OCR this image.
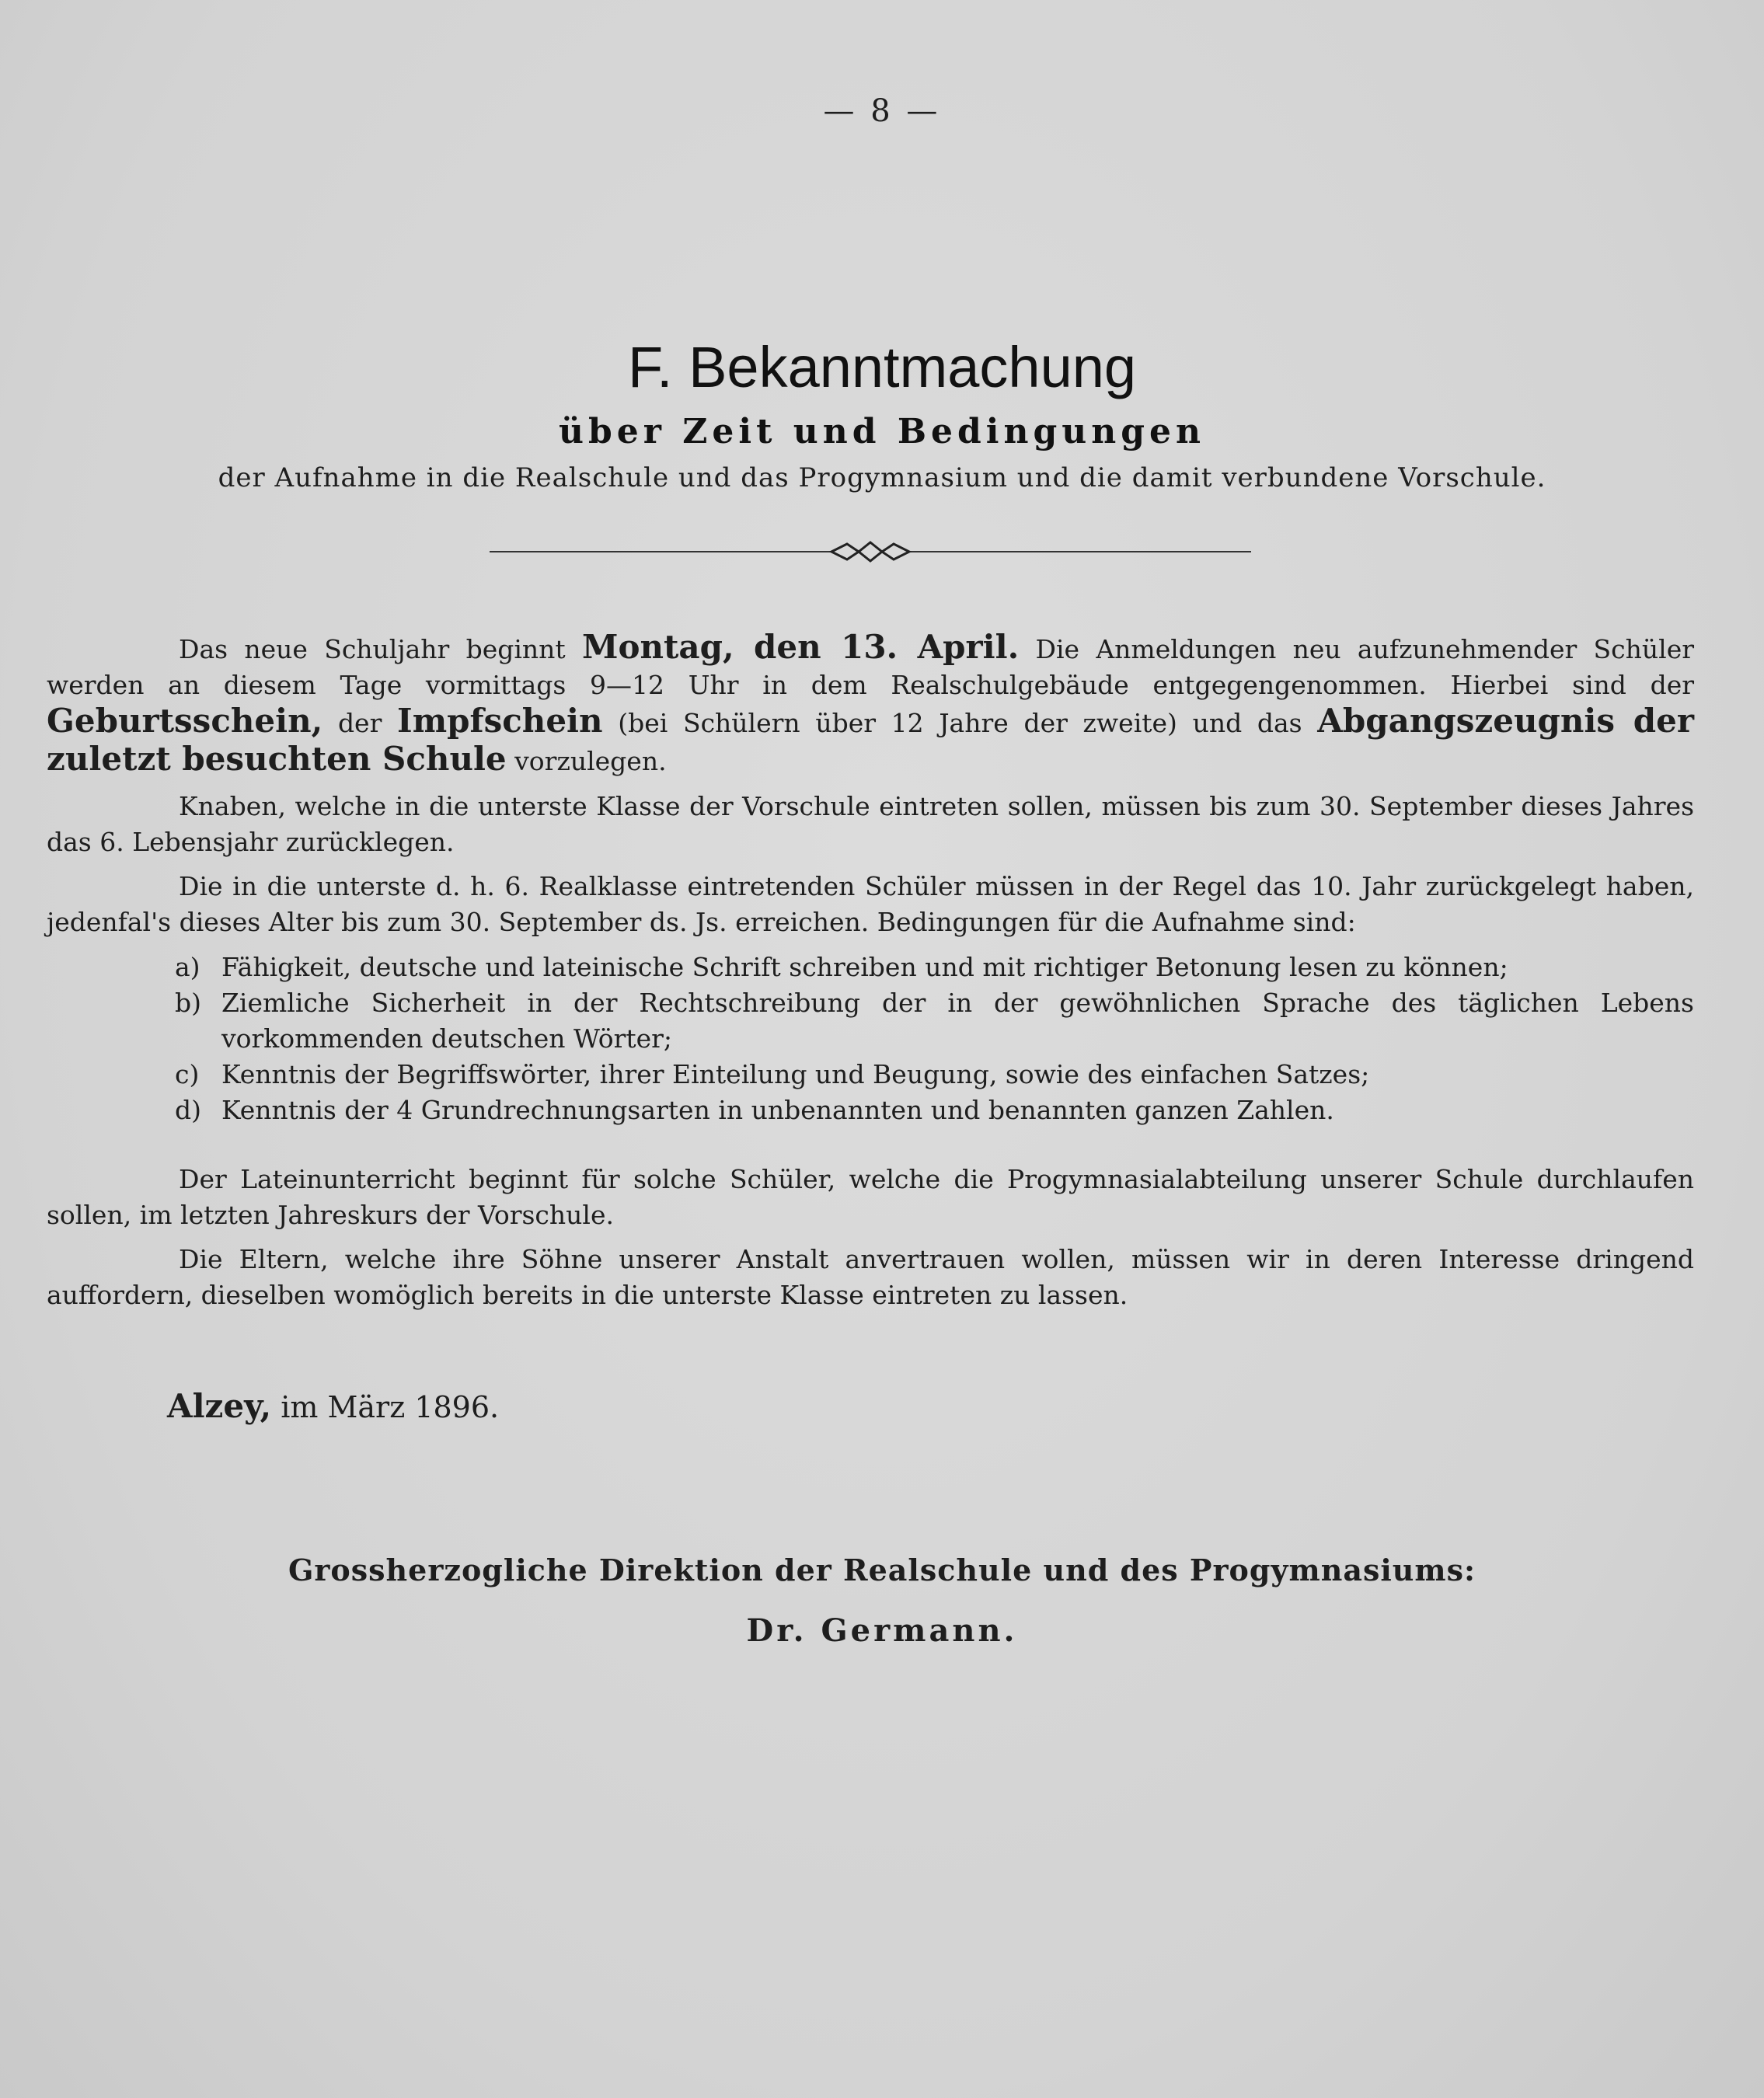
— 8 —
F. Bekanntmachung
über Zeit und Bedingungen
der Aufnahme in die Realschule und das Progymnasium und die damit verbundene Vorschule.
Das neue Schuljahr beginnt Montag, den 13. April. Die Anmeldungen neu aufzunehmender Schüler werden an diesem Tage vormittags 9—12 Uhr in dem Realschulgebäude entgegengenommen. Hierbei sind der Geburtsschein, der Impfschein (bei Schülern über 12 Jahre der zweite) und das Abgangszeugnis der zuletzt besuchten Schule vorzulegen.
Knaben, welche in die unterste Klasse der Vorschule eintreten sollen, müssen bis zum 30. September dieses Jahres das 6. Lebensjahr zurücklegen.
Die in die unterste d. h. 6. Realklasse eintretenden Schüler müssen in der Regel das 10. Jahr zurückgelegt haben, jedenfal's dieses Alter bis zum 30. September ds. Js. erreichen. Bedingungen für die Aufnahme sind:
a) Fähigkeit, deutsche und lateinische Schrift schreiben und mit richtiger Betonung lesen zu können;
b) Ziemliche Sicherheit in der Rechtschreibung der in der gewöhnlichen Sprache des täglichen Lebens vorkommenden deutschen Wörter;
c) Kenntnis der Begriffswörter, ihrer Einteilung und Beugung, sowie des einfachen Satzes;
d) Kenntnis der 4 Grundrechnungsarten in unbenannten und benannten ganzen Zahlen.
Der Lateinunterricht beginnt für solche Schüler, welche die Progymnasialabteilung unserer Schule durchlaufen sollen, im letzten Jahreskurs der Vorschule.
Die Eltern, welche ihre Söhne unserer Anstalt anvertrauen wollen, müssen wir in deren Interesse dringend auffordern, dieselben womöglich bereits in die unterste Klasse eintreten zu lassen.
Alzey, im März 1896.
Grossherzogliche Direktion der Realschule und des Progymnasiums:
Dr. Germann.
